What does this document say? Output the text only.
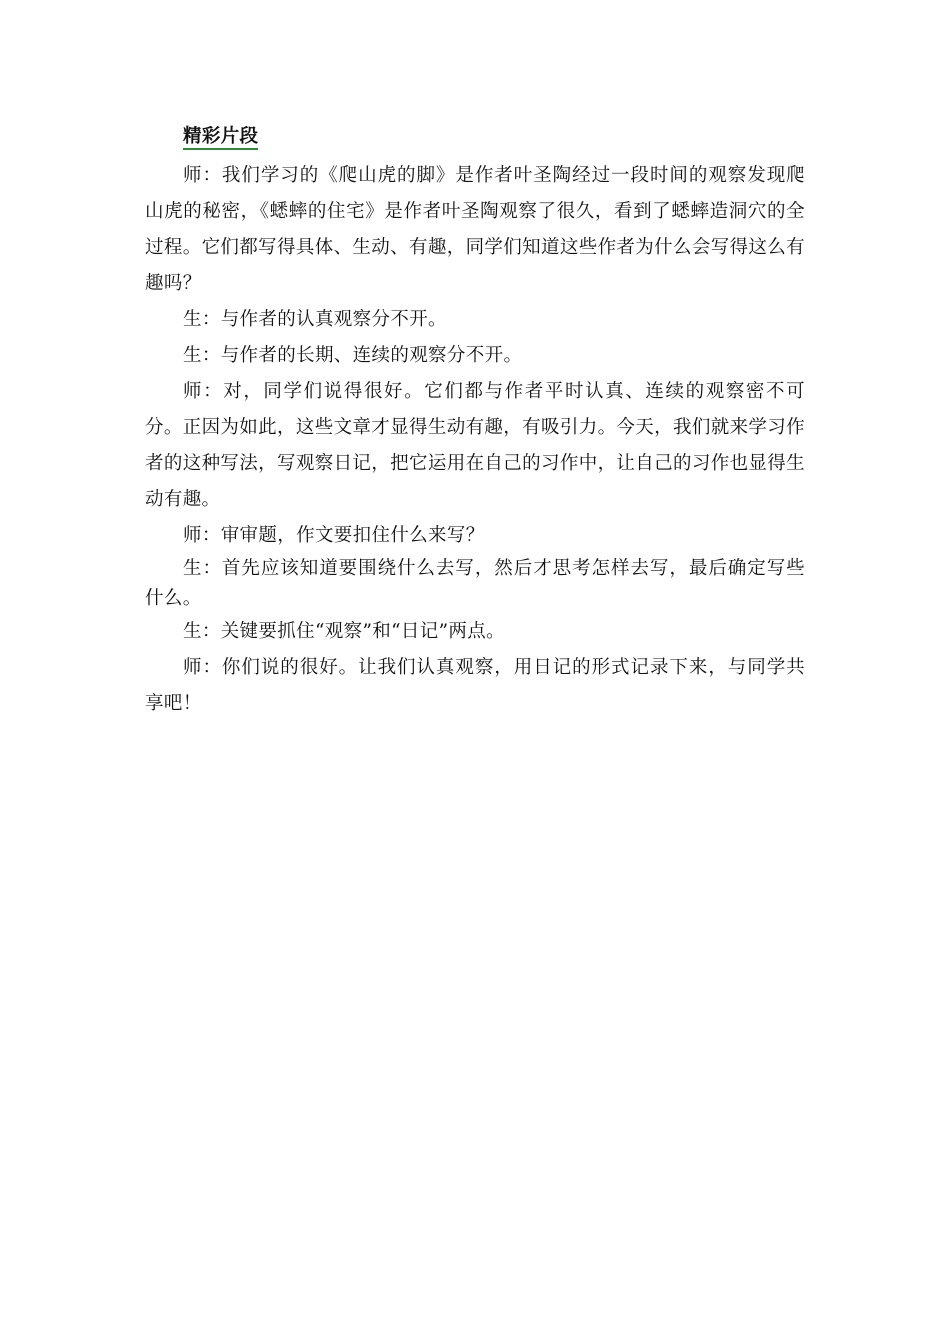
精彩片段

师：我们学习的《爬山虎的脚》是作者叶圣陶经过一段时间的观察发现爬山虎的秘密，《蟋蟀的住宅》是作者叶圣陶观察了很久，看到了蟋蟀造洞穴的全过程。它们都写得具体、生动、有趣，同学们知道这些作者为什么会写得这么有趣吗？

生：与作者的认真观察分不开。

生：与作者的长期、连续的观察分不开。

师：对，同学们说得很好。它们都与作者平时认真、连续的观察密不可分。正因为如此，这些文章才显得生动有趣，有吸引力。今天，我们就来学习作者的这种写法，写观察日记，把它运用在自己的习作中，让自己的习作也显得生动有趣。

师：审审题，作文要扣住什么来写？

生：首先应该知道要围绕什么去写，然后才思考怎样去写，最后确定写些什么。

生：关键要抓住“观察”和“日记”两点。

师：你们说的很好。让我们认真观察，用日记的形式记录下来，与同学共享吧！
